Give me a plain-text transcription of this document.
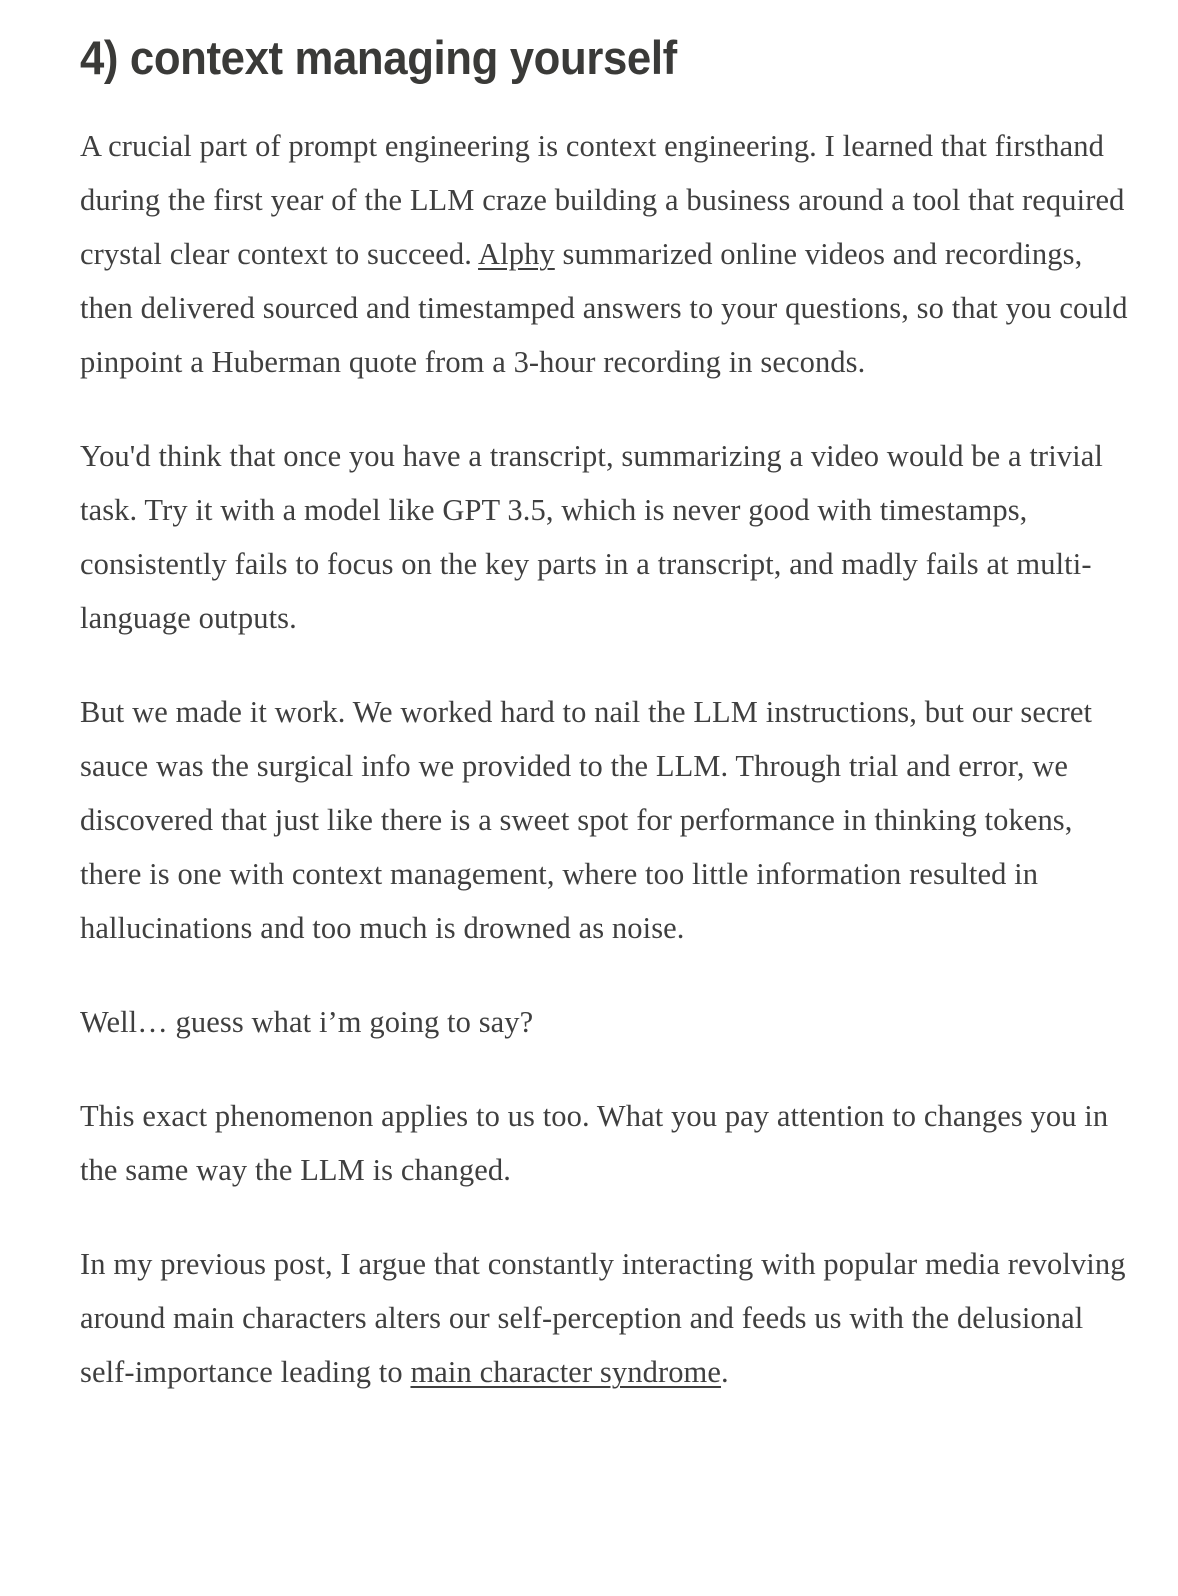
4) context managing yourself

A crucial part of prompt engineering is context engineering. I learned that firsthand during the first year of the LLM craze building a business around a tool that required crystal clear context to succeed. Alphy summarized online videos and recordings, then delivered sourced and timestamped answers to your questions, so that you could pinpoint a Huberman quote from a 3-hour recording in seconds.

You'd think that once you have a transcript, summarizing a video would be a trivial task. Try it with a model like GPT 3.5, which is never good with timestamps, consistently fails to focus on the key parts in a transcript, and madly fails at multi-language outputs.

But we made it work. We worked hard to nail the LLM instructions, but our secret sauce was the surgical info we provided to the LLM. Through trial and error, we discovered that just like there is a sweet spot for performance in thinking tokens, there is one with context management, where too little information resulted in hallucinations and too much is drowned as noise.

Well… guess what i’m going to say?

This exact phenomenon applies to us too. What you pay attention to changes you in the same way the LLM is changed.

In my previous post, I argue that constantly interacting with popular media revolving around main characters alters our self-perception and feeds us with the delusional self-importance leading to main character syndrome.
